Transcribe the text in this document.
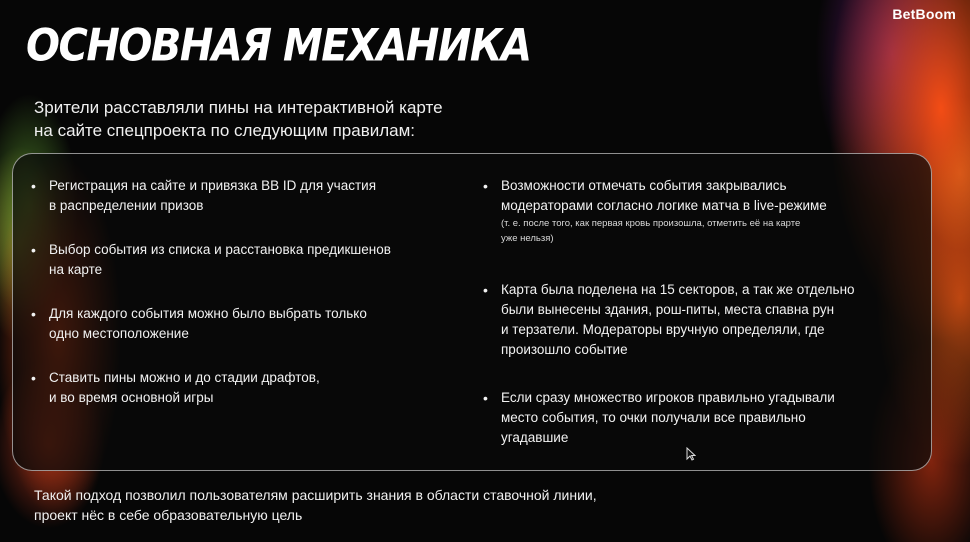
BetBoom
ОСНОВНАЯ МЕХАНИКА
Зрители расставляли пины на интерактивной карте
на сайте спецпроекта по следующим правилам:
• Регистрация на сайте и привязка BB ID для участия
в распределении призов
• Выбор события из списка и расстановка предикшенов
на карте
• Для каждого события можно было выбрать только
одно местоположение
• Ставить пины можно и до стадии драфтов,
и во время основной игры
• Возможности отмечать события закрывались
модераторами согласно логике матча в live-режиме
(т. е. после того, как первая кровь произошла, отметить её на карте
уже нельзя)
• Карта была поделена на 15 секторов, а так же отдельно
были вынесены здания, рош-питы, места спавна рун
и терзатели. Модераторы вручную определяли, где
произошло событие
• Если сразу множество игроков правильно угадывали
место события, то очки получали все правильно
угадавшие
Такой подход позволил пользователям расширить знания в области ставочной линии,
проект нёс в себе образовательную цель
